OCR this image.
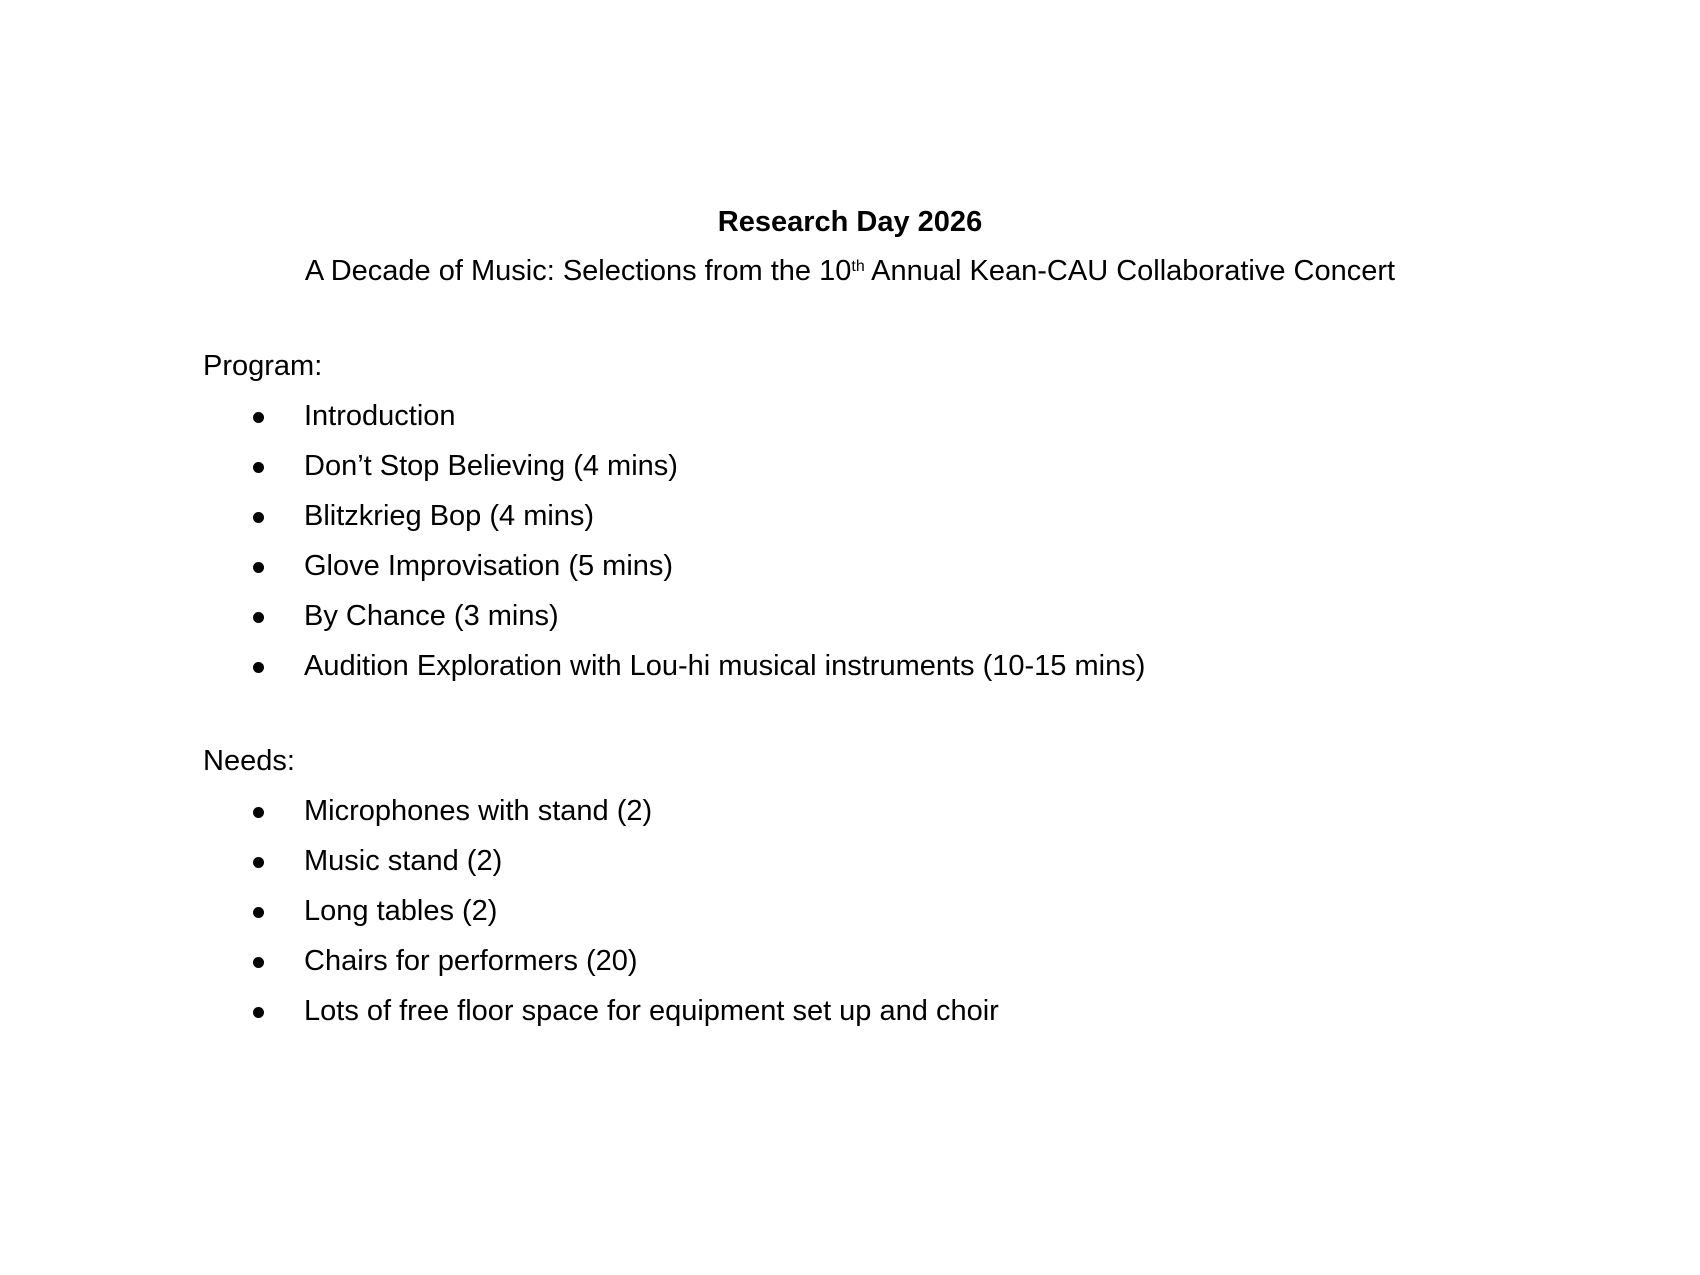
Research Day 2026
A Decade of Music: Selections from the 10th Annual Kean-CAU Collaborative Concert
Program:
Introduction
Don’t Stop Believing (4 mins)
Blitzkrieg Bop (4 mins)
Glove Improvisation (5 mins)
By Chance (3 mins)
Audition Exploration with Lou-hi musical instruments (10-15 mins)
Needs:
Microphones with stand (2)
Music stand (2)
Long tables (2)
Chairs for performers (20)
Lots of free floor space for equipment set up and choir
